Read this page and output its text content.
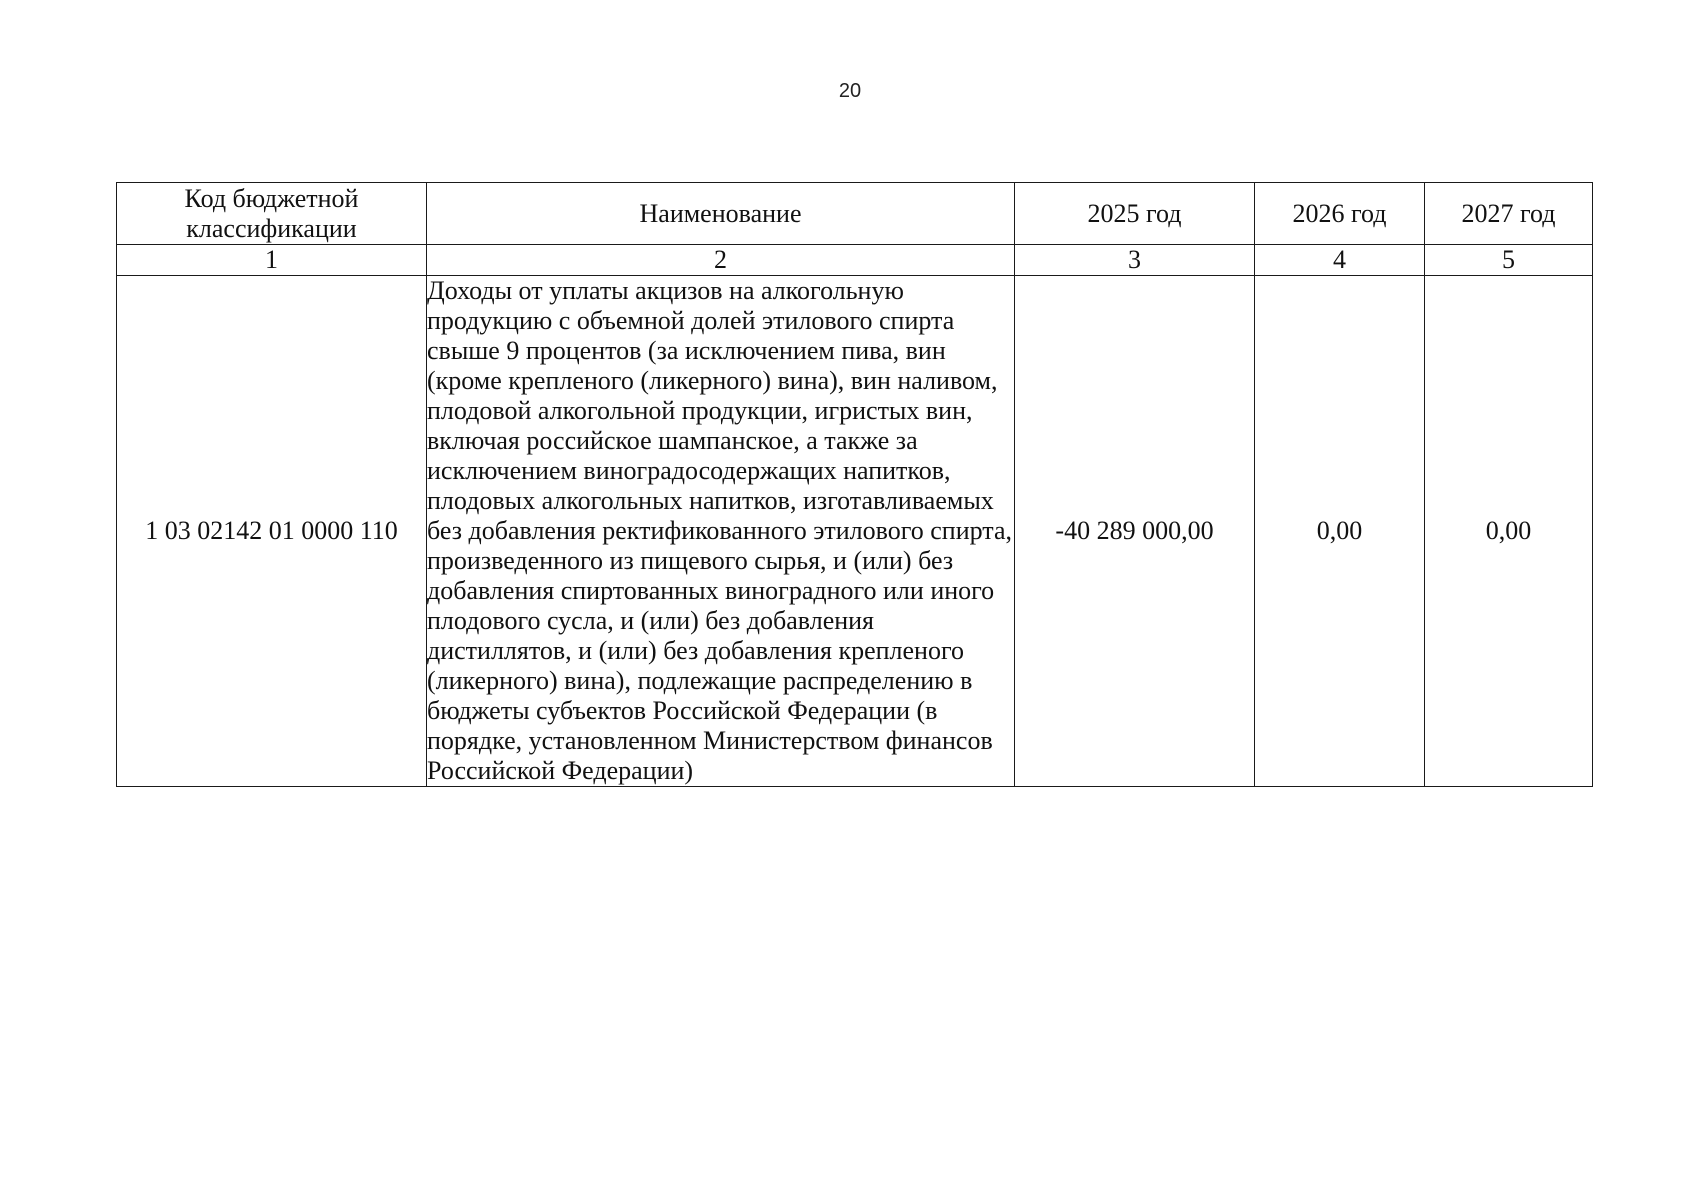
20
Код бюджетной классификации	Наименование	2025 год	2026 год	2027 год
1	2	3	4	5
1 03 02142 01 0000 110	Доходы от уплаты акцизов на алкогольную продукцию с объемной долей этилового спирта свыше 9 процентов (за исключением пива, вин (кроме крепленого (ликерного) вина), вин наливом, плодовой алкогольной продукции, игристых вин, включая российское шампанское, а также за исключением виноградосодержащих напитков, плодовых алкогольных напитков, изготавливаемых без добавления ректификованного этилового спирта, произведенного из пищевого сырья, и (или) без добавления спиртованных виноградного или иного плодового сусла, и (или) без добавления дистиллятов, и (или) без добавления крепленого (ликерного) вина), подлежащие распределению в бюджеты субъектов Российской Федерации (в порядке, установленном Министерством финансов Российской Федерации)	-40 289 000,00	0,00	0,00
